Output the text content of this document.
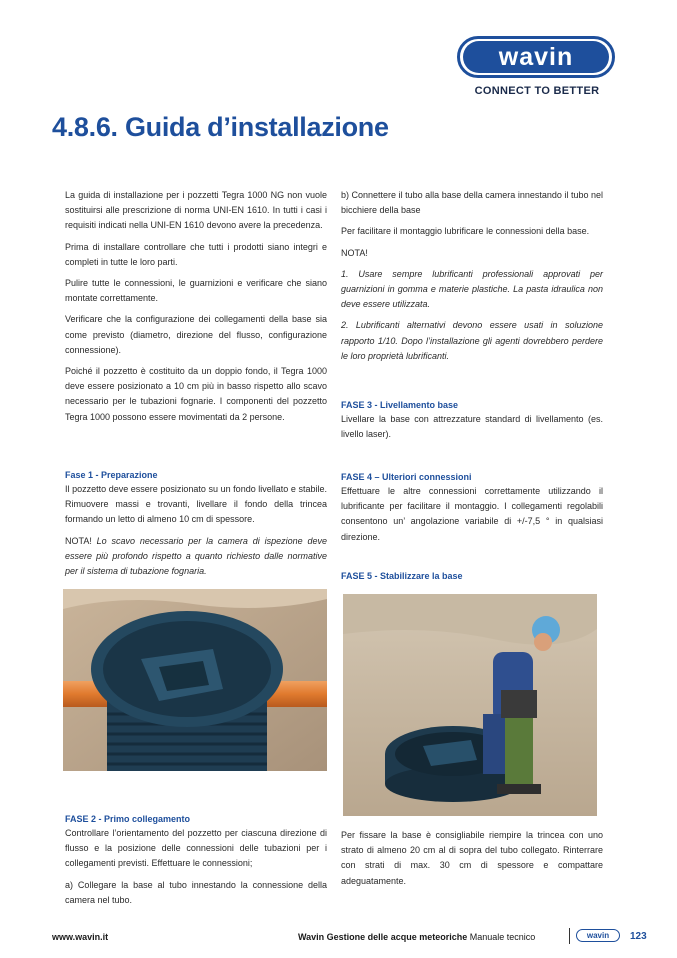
wavin
CONNECT TO BETTER
4.8.6. Guida d’installazione

La guida di installazione per i pozzetti Tegra 1000 NG non vuole sostituirsi alle prescrizione di norma UNI-EN 1610. In tutti i casi i requisiti indicati nella UNI-EN 1610 devono avere la precedenza.

Prima di installare controllare che tutti i prodotti siano integri e completi in tutte le loro parti.

Pulire tutte le connessioni, le guarnizioni e verificare che siano montate correttamente.

Verificare che la configurazione dei collegamenti della base sia come previsto (diametro, direzione del flusso, configurazione connessione).

Poiché il pozzetto è costituito da un doppio fondo, il Tegra 1000 deve essere posizionato a 10 cm più in basso rispetto allo scavo necessario per le tubazioni fognarie. I componenti del pozzetto Tegra 1000 possono essere movimentati da 2 persone.

Fase 1 - Preparazione

Il pozzetto deve essere posizionato su un fondo livellato e stabile. Rimuovere massi e trovanti, livellare il fondo della trincea formando un letto di almeno 10 cm di spessore.

NOTA! Lo scavo necessario per la camera di ispezione deve essere più profondo rispetto a quanto richiesto dalle normative per il sistema di tubazione fognaria.

FASE 2 - Primo collegamento

Controllare l’orientamento del pozzetto per ciascuna direzione di flusso e la posizione delle connessioni delle tubazioni per i collegamenti previsti. Effettuare le connessioni;

a) Collegare la base al tubo innestando la connessione della camera nel tubo.

b) Connettere il tubo alla base della camera innestando il tubo nel bicchiere della base

Per facilitare il montaggio lubrificare le connessioni della base.

NOTA!

1. Usare sempre lubrificanti professionali approvati per guarnizioni in gomma e materie plastiche. La pasta idraulica non deve essere utilizzata.

2. Lubrificanti alternativi devono essere usati in soluzione rapporto 1/10. Dopo l’installazione gli agenti dovrebbero perdere le loro proprietà lubrificanti.

FASE 3 - Livellamento base

Livellare la base con attrezzature standard di livellamento (es. livello laser).

FASE 4 – Ulteriori connessioni

Effettuare le altre connessioni correttamente utilizzando il lubrificante per facilitare il montaggio. I collegamenti regolabili consentono un’ angolazione variabile di +/-7,5 ° in qualsiasi direzione.

FASE 5 - Stabilizzare la base

Per fissare la base è consigliabile riempire la trincea con uno strato di almeno 20 cm al di sopra del tubo collegato. Rinterrare con strati di max. 30 cm di spessore e compattare adeguatamente.

www.wavin.it	Wavin Gestione delle acque meteoriche Manuale tecnico	wavin	123
